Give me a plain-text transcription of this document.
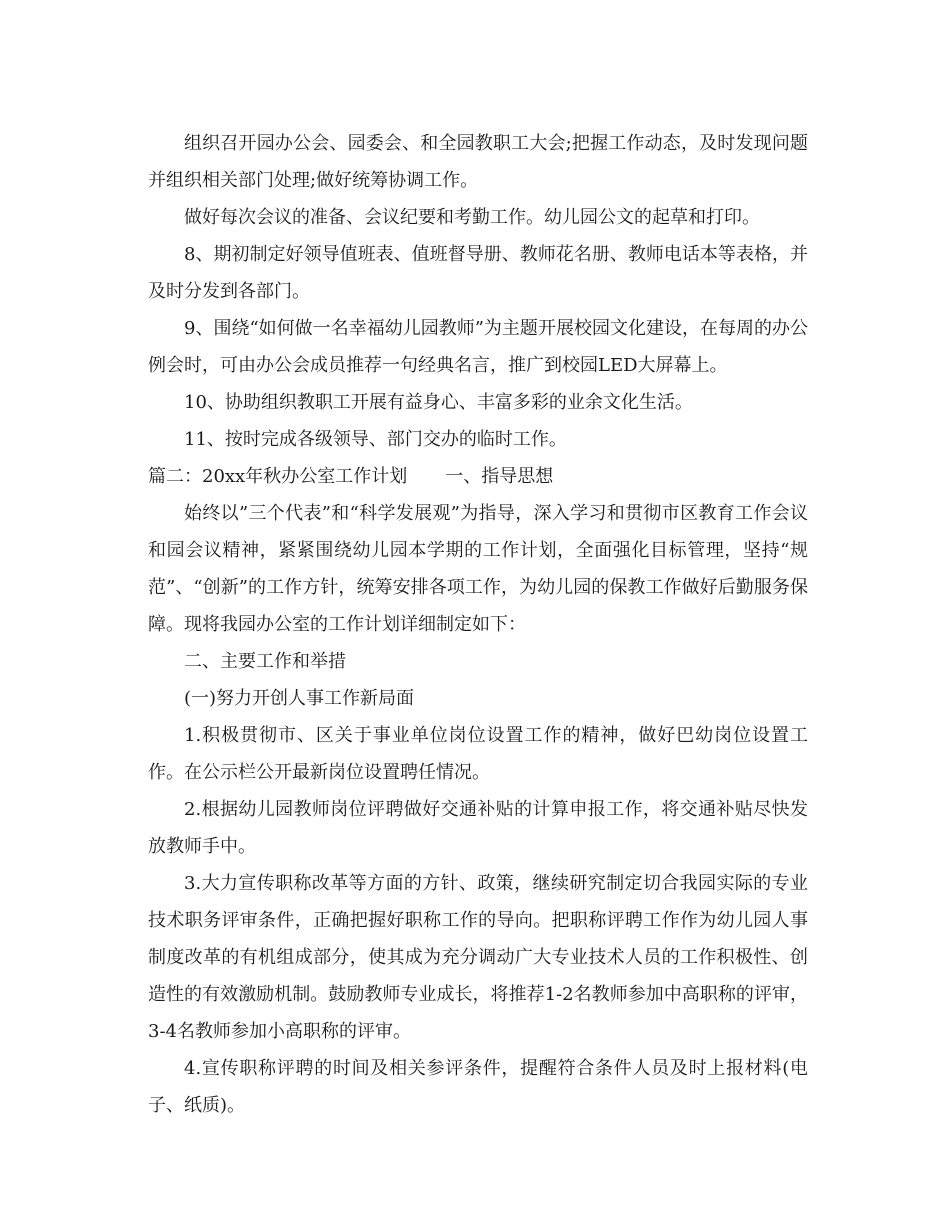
组织召开园办公会、园委会、和全园教职工大会;把握工作动态，及时发现问题并组织相关部门处理;做好统筹协调工作。

做好每次会议的准备、会议纪要和考勤工作。幼儿园公文的起草和打印。

8、期初制定好领导值班表、值班督导册、教师花名册、教师电话本等表格，并及时分发到各部门。

9、围绕“如何做一名幸福幼儿园教师”为主题开展校园文化建设，在每周的办公例会时，可由办公会成员推荐一句经典名言，推广到校园LED大屏幕上。

10、协助组织教职工开展有益身心、丰富多彩的业余文化生活。

11、按时完成各级领导、部门交办的临时工作。

篇二：20xx年秋办公室工作计划 一、指导思想

始终以”三个代表”和“科学发展观”为指导，深入学习和贯彻市区教育工作会议和园会议精神，紧紧围绕幼儿园本学期的工作计划，全面强化目标管理，坚持“规范”、“创新”的工作方针，统筹安排各项工作，为幼儿园的保教工作做好后勤服务保障。现将我园办公室的工作计划详细制定如下：

二、主要工作和举措

(一)努力开创人事工作新局面

1.积极贯彻市、区关于事业单位岗位设置工作的精神，做好巴幼岗位设置工作。在公示栏公开最新岗位设置聘任情况。

2.根据幼儿园教师岗位评聘做好交通补贴的计算申报工作，将交通补贴尽快发放教师手中。

3.大力宣传职称改革等方面的方针、政策，继续研究制定切合我园实际的专业技术职务评审条件，正确把握好职称工作的导向。把职称评聘工作作为幼儿园人事制度改革的有机组成部分，使其成为充分调动广大专业技术人员的工作积极性、创造性的有效激励机制。鼓励教师专业成长，将推荐1-2名教师参加中高职称的评审，3-4名教师参加小高职称的评审。

4.宣传职称评聘的时间及相关参评条件，提醒符合条件人员及时上报材料(电子、纸质)。
